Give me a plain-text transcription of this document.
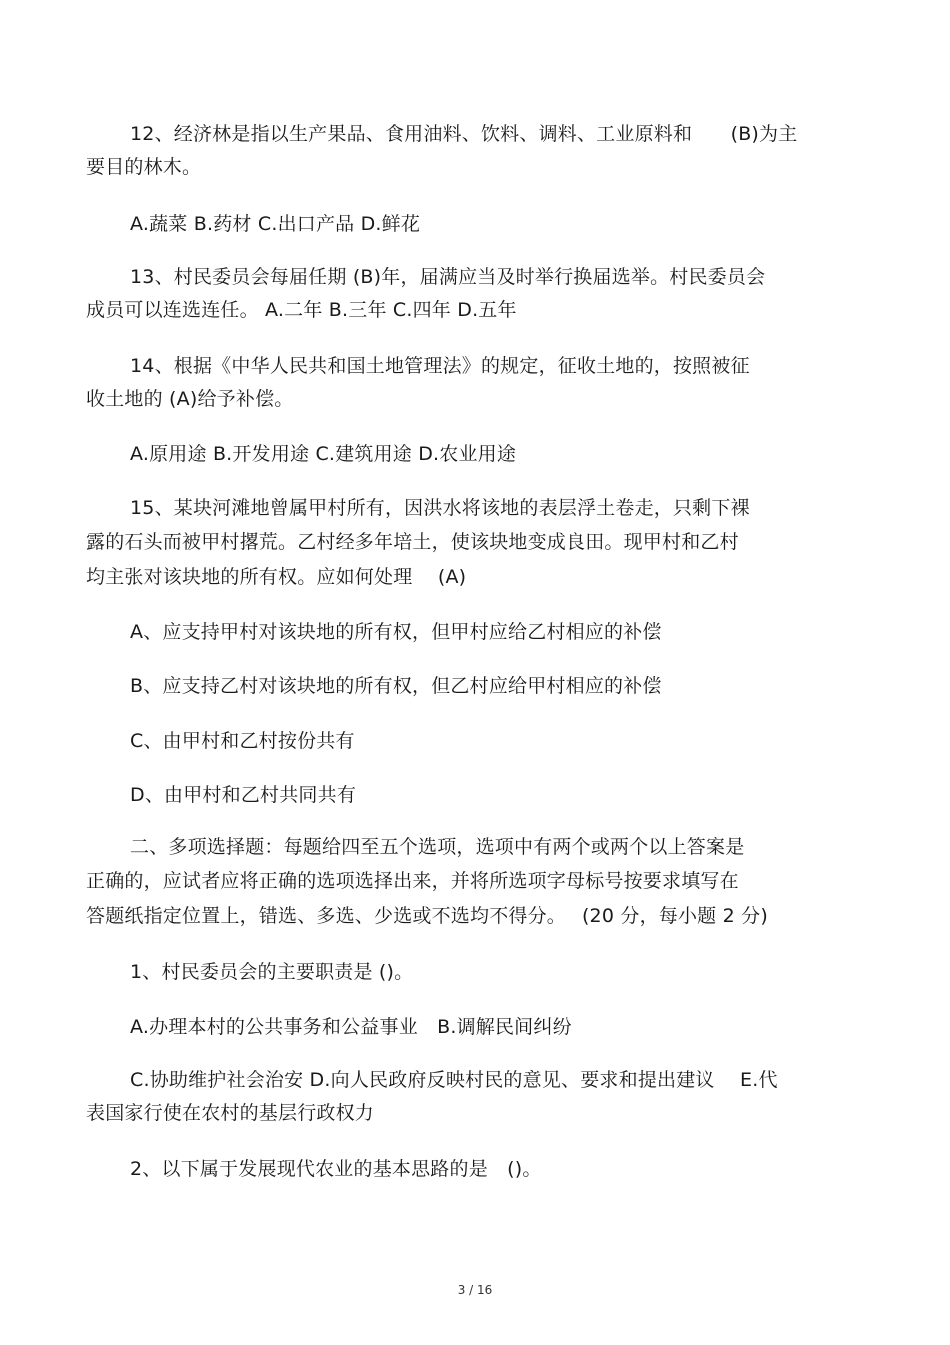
12、经济林是指以生产果品、食用油料、饮料、调料、工业原料和　　(B)为主
要目的林木。
A.蔬菜 B.药材 C.出口产品 D.鲜花
13、村民委员会每届任期 (B)年，届满应当及时举行换届选举。村民委员会
成员可以连选连任。 A.二年 B.三年 C.四年 D.五年
14、根据《中华人民共和国土地管理法》的规定，征收土地的，按照被征
收土地的 (A)给予补偿。
A.原用途 B.开发用途 C.建筑用途 D.农业用途
15、某块河滩地曾属甲村所有，因洪水将该地的表层浮土卷走，只剩下裸
露的石头而被甲村撂荒。乙村经多年培土，使该块地变成良田。现甲村和乙村
均主张对该块地的所有权。应如何处理　 (A)
A、应支持甲村对该块地的所有权，但甲村应给乙村相应的补偿
B、应支持乙村对该块地的所有权，但乙村应给甲村相应的补偿
C、由甲村和乙村按份共有
D、由甲村和乙村共同共有
二、多项选择题：每题给四至五个选项，选项中有两个或两个以上答案是
正确的，应试者应将正确的选项选择出来，并将所选项字母标号按要求填写在
答题纸指定位置上，错选、多选、少选或不选均不得分。　 (20 分，每小题 2 分)
1、村民委员会的主要职责是 ()。
A.办理本村的公共事务和公益事业　B.调解民间纠纷
C.协助维护社会治安 D.向人民政府反映村民的意见、要求和提出建议　 E.代
表国家行使在农村的基层行政权力
2、以下属于发展现代农业的基本思路的是　()。
3 / 16
